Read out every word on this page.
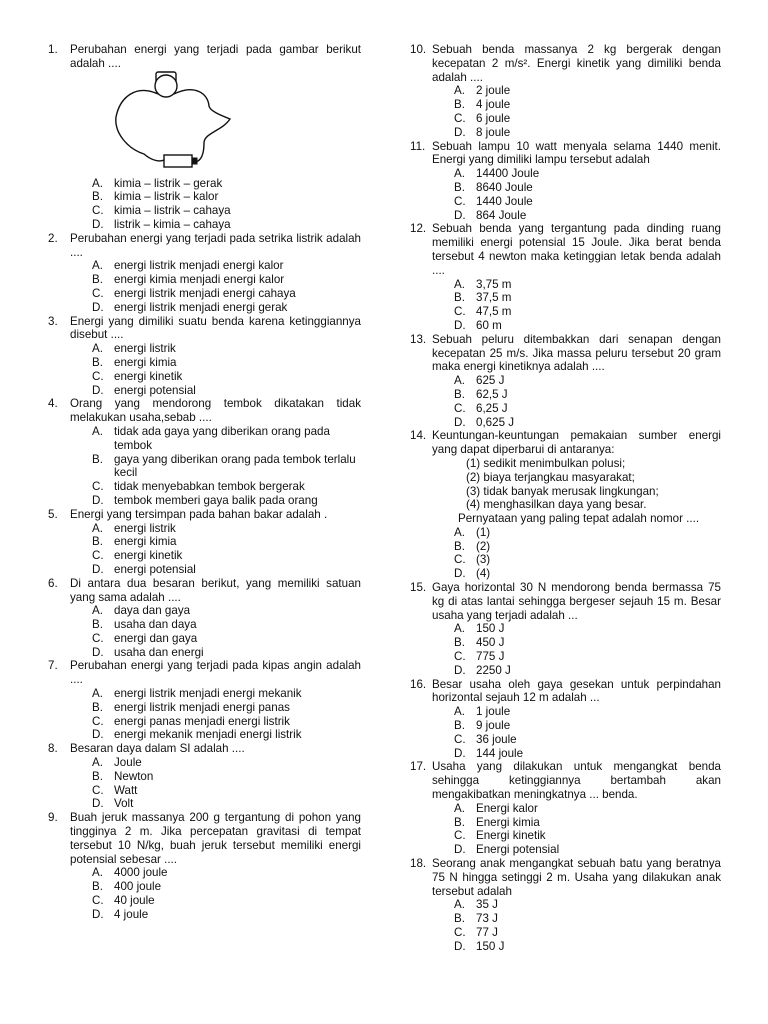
1. Perubahan energi yang terjadi pada gambar berikut adalah ....
A. kimia – listrik – gerak
B. kimia – listrik – kalor
C. kimia – listrik – cahaya
D. listrik – kimia – cahaya
2. Perubahan energi yang terjadi pada setrika listrik adalah ....
A. energi listrik menjadi energi kalor
B. energi kimia menjadi energi kalor
C. energi listrik menjadi energi cahaya
D. energi listrik menjadi energi gerak
3. Energi yang dimiliki suatu benda karena ketinggiannya disebut ....
A. energi listrik
B. energi kimia
C. energi kinetik
D. energi potensial
4. Orang yang mendorong tembok dikatakan tidak melakukan usaha,sebab ....
A. tidak ada gaya yang diberikan orang pada tembok
B. gaya yang diberikan orang pada tembok terlalu kecil
C. tidak menyebabkan tembok bergerak
D. tembok memberi gaya balik pada orang
5. Energi yang tersimpan pada bahan bakar adalah .
A. energi listrik
B. energi kimia
C. energi kinetik
D. energi potensial
6. Di antara dua besaran berikut, yang memiliki satuan yang sama adalah ....
A. daya dan gaya
B. usaha dan daya
C. energi dan gaya
D. usaha dan energi
7. Perubahan energi yang terjadi pada kipas angin adalah ....
A. energi listrik menjadi energi mekanik
B. energi listrik menjadi energi panas
C. energi panas menjadi energi listrik
D. energi mekanik menjadi energi listrik
8. Besaran daya dalam SI adalah ....
A. Joule
B. Newton
C. Watt
D. Volt
9. Buah jeruk massanya 200 g tergantung di pohon yang tingginya 2 m. Jika percepatan gravitasi di tempat tersebut 10 N/kg, buah jeruk tersebut memiliki energi potensial sebesar ....
A. 4000 joule
B. 400 joule
C. 40 joule
D. 4 joule
10. Sebuah benda massanya 2 kg bergerak dengan kecepatan 2 m/s². Energi kinetik yang dimiliki benda adalah ....
A. 2 joule
B. 4 joule
C. 6 joule
D. 8 joule
11. Sebuah lampu 10 watt menyala selama 1440 menit. Energi yang dimiliki lampu tersebut adalah
A. 14400 Joule
B. 8640 Joule
C. 1440 Joule
D. 864 Joule
12. Sebuah benda yang tergantung pada dinding ruang memiliki energi potensial 15 Joule. Jika berat benda tersebut 4 newton maka ketinggian letak benda adalah ....
A. 3,75 m
B. 37,5 m
C. 47,5 m
D. 60 m
13. Sebuah peluru ditembakkan dari senapan dengan kecepatan 25 m/s. Jika massa peluru tersebut 20 gram maka energi kinetiknya adalah ....
A. 625 J
B. 62,5 J
C. 6,25 J
D. 0,625 J
14. Keuntungan-keuntungan pemakaian sumber energi yang dapat diperbarui di antaranya:
(1) sedikit menimbulkan polusi;
(2) biaya terjangkau masyarakat;
(3) tidak banyak merusak lingkungan;
(4) menghasilkan daya yang besar.
Pernyataan yang paling tepat adalah nomor ....
A. (1)
B. (2)
C. (3)
D. (4)
15. Gaya horizontal 30 N mendorong benda bermassa 75 kg di atas lantai sehingga bergeser sejauh 15 m. Besar usaha yang terjadi adalah ...
A. 150 J
B. 450 J
C. 775 J
D. 2250 J
16. Besar usaha oleh gaya gesekan untuk perpindahan horizontal sejauh 12 m adalah ...
A. 1 joule
B. 9 joule
C. 36 joule
D. 144 joule
17. Usaha yang dilakukan untuk mengangkat benda sehingga ketinggiannya bertambah akan mengakibatkan meningkatnya ... benda.
A. Energi kalor
B. Energi kimia
C. Energi kinetik
D. Energi potensial
18. Seorang anak mengangkat sebuah batu yang beratnya 75 N hingga setinggi 2 m. Usaha yang dilakukan anak tersebut adalah
A. 35 J
B. 73 J
C. 77 J
D. 150 J
